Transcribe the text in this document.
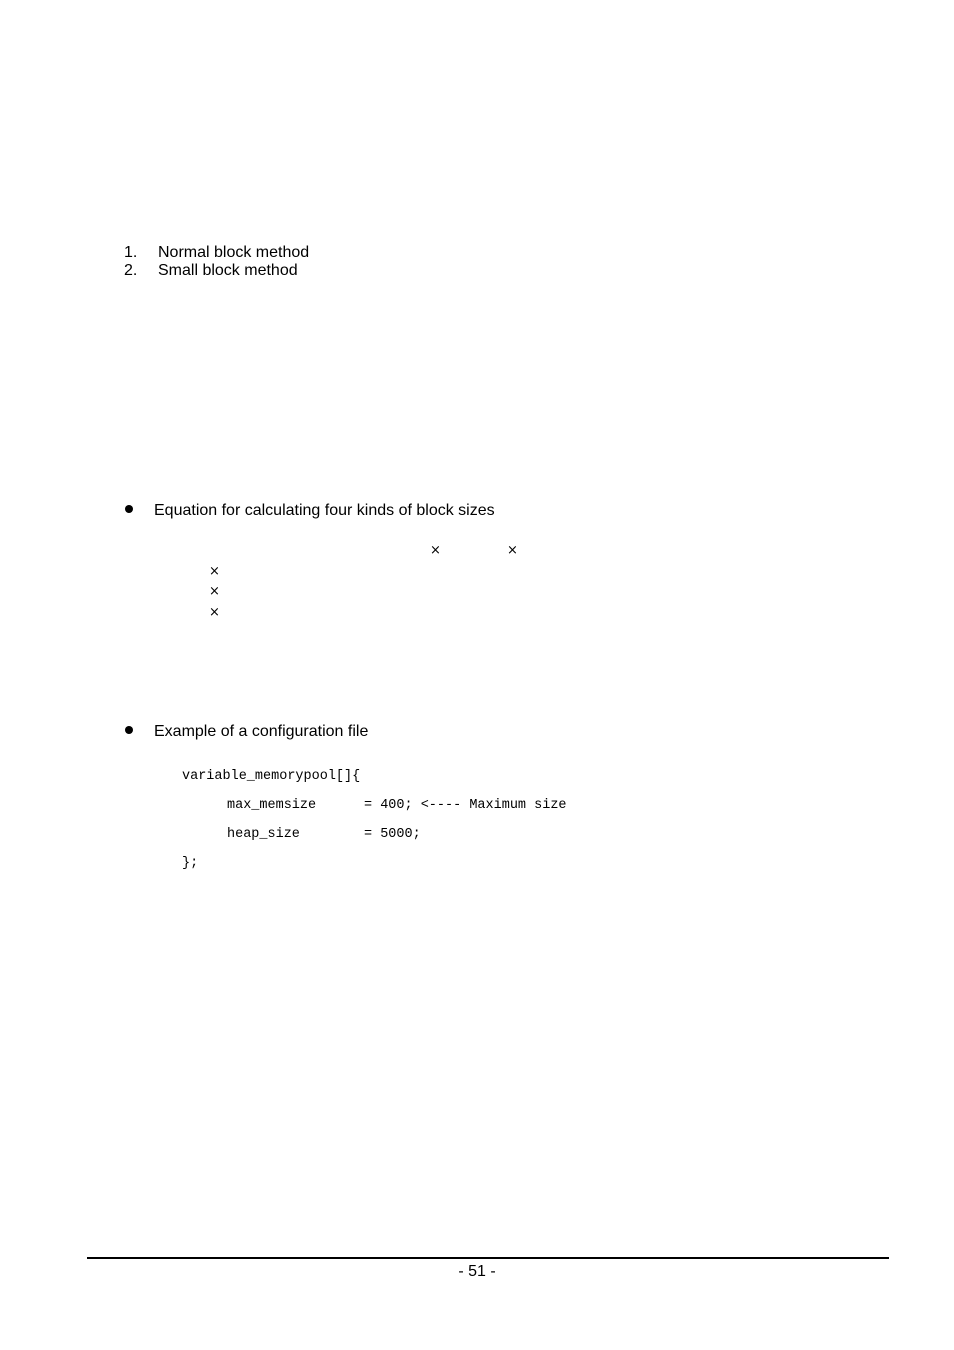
1. Normal block method
2. Small block method
Equation for calculating four kinds of block sizes
×	×
×
×
×
Example of a configuration file
variable_memorypool[]{
max_memsize	= 400; <---- Maximum size
heap_size	= 5000;
};
- 51 -
